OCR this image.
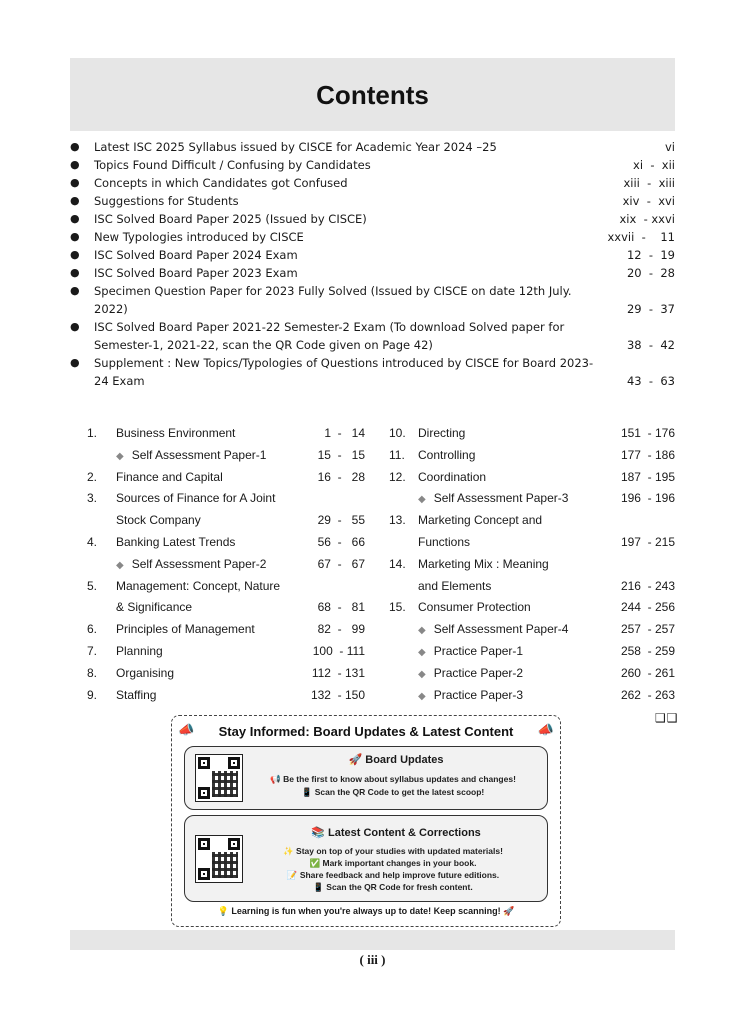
Contents
● Latest ISC 2025 Syllabus issued by CISCE for Academic Year 2024 –25	vi
● Topics Found Difficult / Confusing by Candidates	xi  -  xii
● Concepts in which Candidates got Confused	xiii  -  xiii
● Suggestions for Students	xiv  -  xvi
● ISC Solved Board Paper 2025 (Issued by CISCE)	xix  - xxvi
● New Typologies introduced by CISCE	xxvii  -    11
● ISC Solved Board Paper 2024 Exam	12  -  19
● ISC Solved Board Paper 2023 Exam	20  -  28
● Specimen Question Paper for 2023 Fully Solved (Issued by CISCE on date 12th July. 2022)	29  -  37
● ISC Solved Board Paper 2021-22 Semester-2 Exam (To download Solved paper for Semester-1, 2021-22, scan the QR Code given on Page 42)	38  -  42
● Supplement : New Topics/Typologies of Questions introduced by CISCE for Board 2023-24 Exam	43  -  63
1. Business Environment	1  -   14
◆ Self Assessment Paper-1	15  -   15
2. Finance and Capital	16  -   28
3. Sources of Finance for A Joint
Stock Company	29  -   55
4. Banking Latest Trends	56  -   66
◆ Self Assessment Paper-2	67  -   67
5. Management: Concept, Nature
& Significance	68  -   81
6. Principles of Management	82  -   99
7. Planning	100  - 111
8. Organising	112  - 131
9. Staffing	132  - 150
10. Directing	151  - 176
11. Controlling	177  - 186
12. Coordination	187  - 195
◆ Self Assessment Paper-3	196  - 196
13. Marketing Concept and
Functions	197  - 215
14. Marketing Mix : Meaning
and Elements	216  - 243
15. Consumer Protection	244  - 256
◆ Self Assessment Paper-4	257  - 257
◆ Practice Paper-1	258  - 259
◆ Practice Paper-2	260  - 261
◆ Practice Paper-3	262  - 263
❑❑
📣	📣
Stay Informed: Board Updates & Latest Content
🚀 Board Updates
📢 Be the first to know about syllabus updates and changes!
📱 Scan the QR Code to get the latest scoop!
📚 Latest Content & Corrections
✨ Stay on top of your studies with updated materials!
✅ Mark important changes in your book.
📝 Share feedback and help improve future editions.
📱 Scan the QR Code for fresh content.
💡 Learning is fun when you're always up to date! Keep scanning! 🚀
( iii )
